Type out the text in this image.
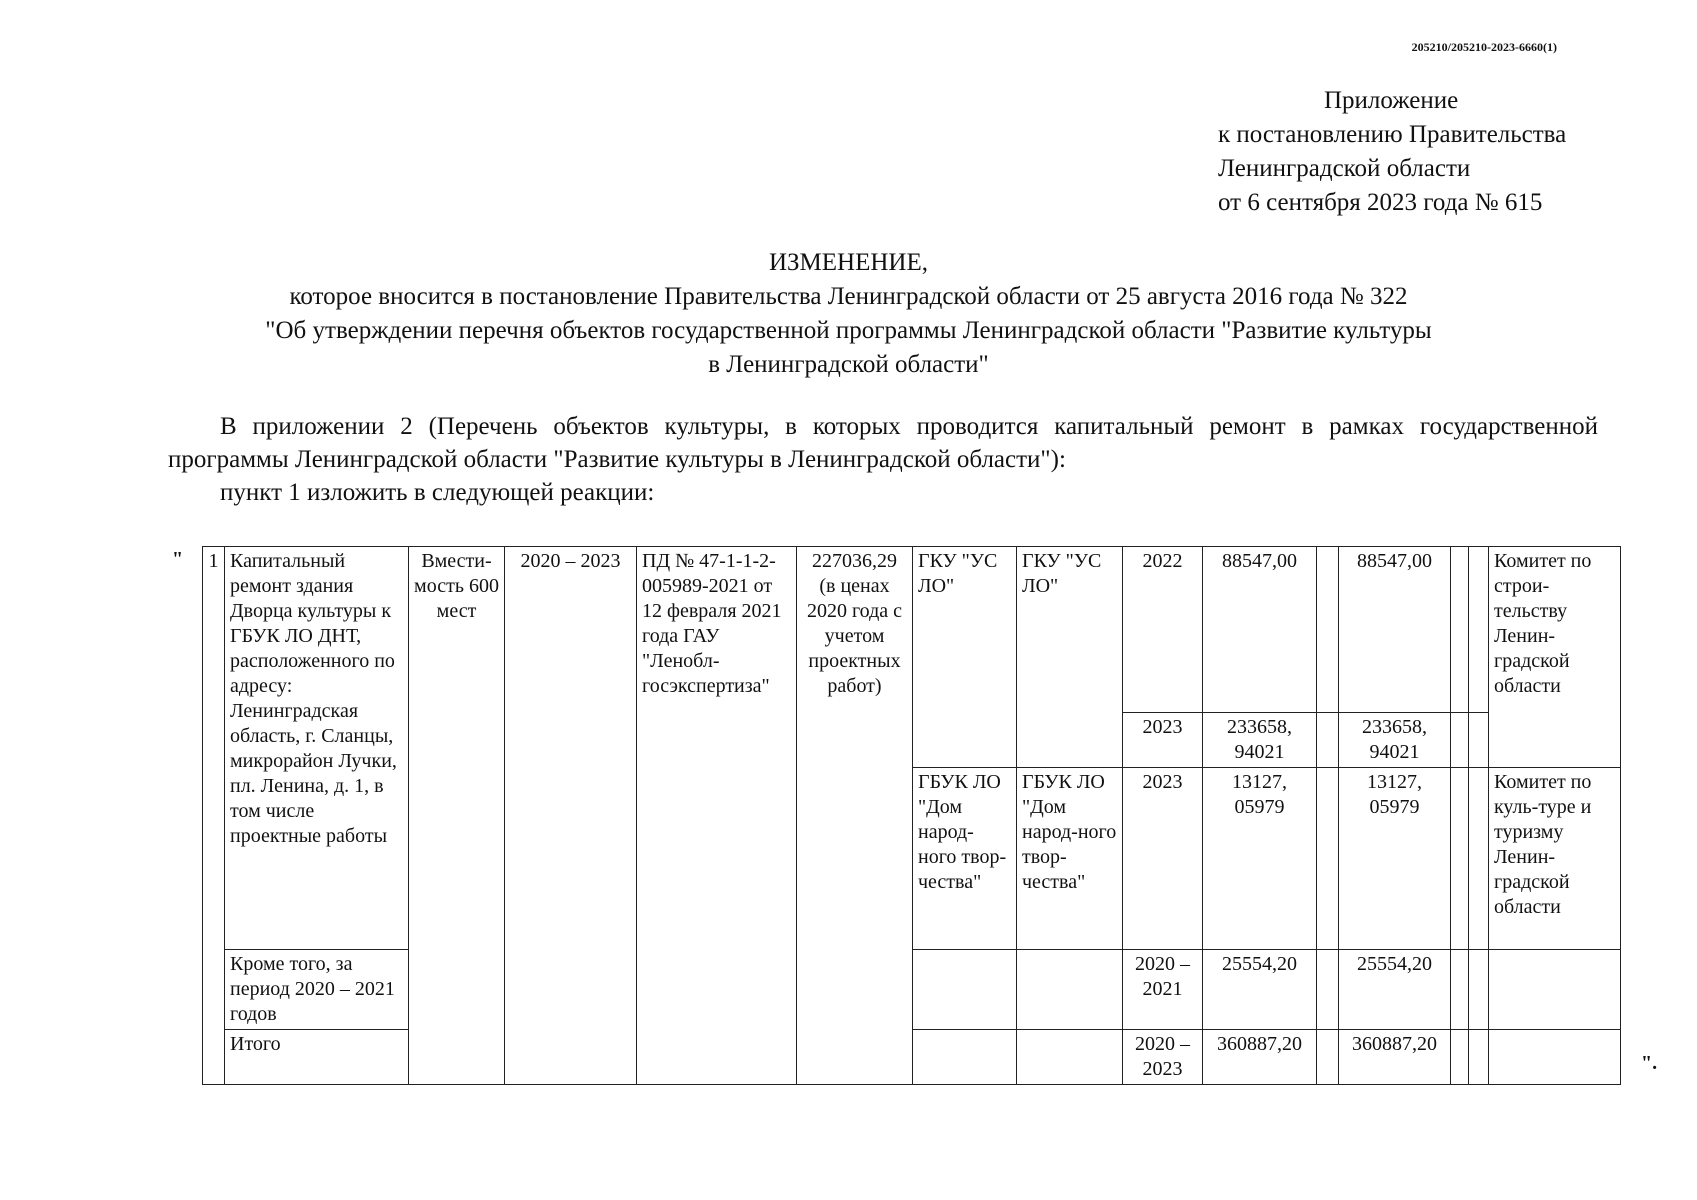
205210/205210-2023-6660(1)
Приложение
к постановлению Правительства
Ленинградской области
от 6 сентября 2023 года № 615
ИЗМЕНЕНИЕ,
которое вносится в постановление Правительства Ленинградской области от 25 августа 2016 года № 322
"Об утверждении перечня объектов государственной программы Ленинградской области "Развитие культуры
в Ленинградской области"
В приложении 2 (Перечень объектов культуры, в которых проводится капитальный ремонт в рамках государственной программы Ленинградской области "Развитие культуры в Ленинградской области"):
пункт 1 изложить в следующей реакции:
" 1	Капитальный ремонт здания Дворца культуры к ГБУК ЛО ДНТ, расположенного по адресу: Ленинградская область, г. Сланцы, микрорайон Лучки, пл. Ленина, д. 1, в том числе проектные работы	Вмести-мость 600 мест	2020 – 2023	ПД № 47-1-1-2-005989-2021 от 12 февраля 2021 года ГАУ "Ленобл-госэкспертиза"	227036,29 (в ценах 2020 года с учетом проектных работ)	ГКУ "УС ЛО"	ГКУ "УС ЛО"	2022	88547,00		88547,00			Комитет по строи-тельству Ленин-градской области
								2023	233658, 94021		233658, 94021			
						ГБУК ЛО "Дом народ-ного твор-чества"	ГБУК ЛО "Дом народ-ного твор-чества"	2023	13127, 05979		13127, 05979			Комитет по куль-туре и туризму Ленин-градской области
	Кроме того, за период 2020 – 2021 годов							2020 – 2021	25554,20		25554,20			
	Итого							2020 – 2023	360887,20		360887,20			
".
